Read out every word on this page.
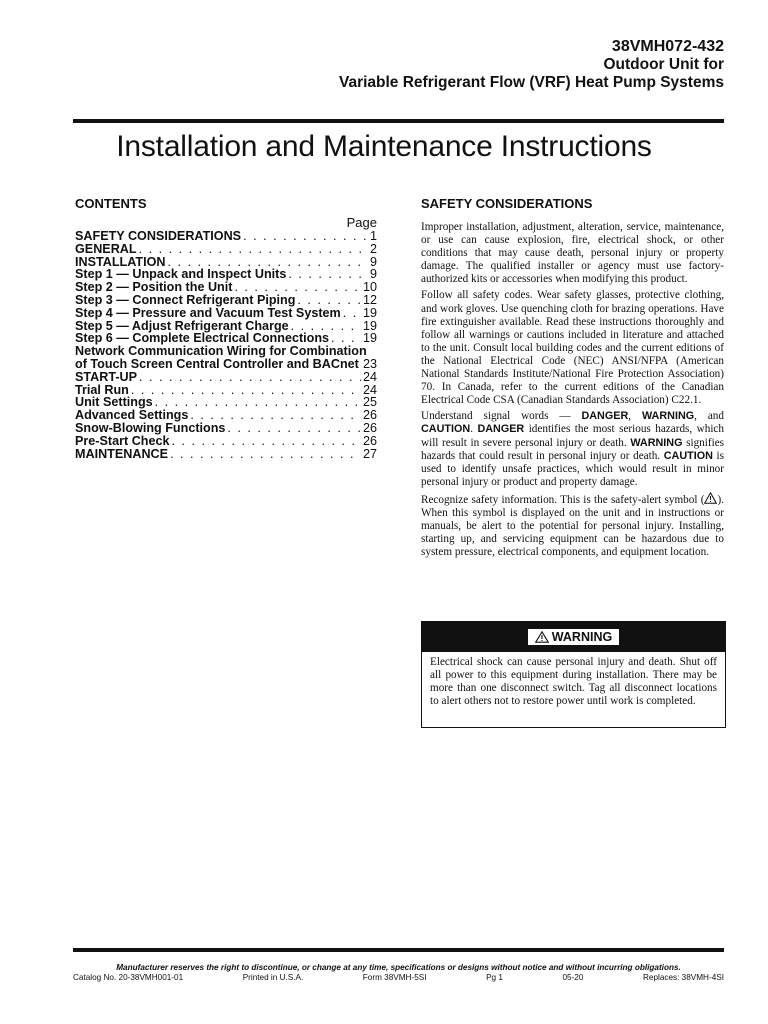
38VMH072-432
Outdoor Unit for
Variable Refrigerant Flow (VRF) Heat Pump Systems
Installation and Maintenance Instructions
CONTENTS
Page
SAFETY CONSIDERATIONS . . .	1
GENERAL . . .	2
INSTALLATION . . .	9
Step 1 — Unpack and Inspect Units . . .	9
Step 2 — Position the Unit . . .	10
Step 3 — Connect Refrigerant Piping . . .	12
Step 4 — Pressure and Vacuum Test System . . . 19
Step 5 — Adjust Refrigerant Charge . . .	19
Step 6 — Complete Electrical Connections . . .	19
Network Communication Wiring for Combination
of Touch Screen Central Controller and BACnet 23
START-UP . . .	24
Trial Run . . .	24
Unit Settings . . .	25
Advanced Settings . . .	26
Snow-Blowing Functions . . .	26
Pre-Start Check . . .	26
MAINTENANCE . . .	27
SAFETY CONSIDERATIONS

Improper installation, adjustment, alteration, service, maintenance, or use can cause explosion, fire, electrical shock, or other conditions that may cause death, personal injury or property damage. The qualified installer or agency must use factory-authorized kits or accessories when modifying this product.

Follow all safety codes. Wear safety glasses, protective clothing, and work gloves. Use quenching cloth for brazing operations. Have fire extinguisher available. Read these instructions thoroughly and follow all warnings or cautions included in literature and attached to the unit. Consult local building codes and the current editions of the National Electrical Code (NEC) ANSI/NFPA (American National Standards Institute/National Fire Protection Association) 70. In Canada, refer to the current editions of the Canadian Electrical Code CSA (Canadian Standards Association) C22.1.

Understand signal words — DANGER, WARNING, and CAUTION. DANGER identifies the most serious hazards, which will result in severe personal injury or death. WARNING signifies hazards that could result in personal injury or death. CAUTION is used to identify unsafe practices, which would result in minor personal injury or product and property damage.

Recognize safety information. This is the safety-alert symbol ( ). When this symbol is displayed on the unit and in instructions or manuals, be alert to the potential for personal injury. Installing, starting up, and servicing equipment can be hazardous due to system pressure, electrical components, and equipment location.

WARNING
Electrical shock can cause personal injury and death. Shut off all power to this equipment during installation. There may be more than one disconnect switch. Tag all disconnect locations to alert others not to restore power until work is completed.
Manufacturer reserves the right to discontinue, or change at any time, specifications or designs without notice and without incurring obligations.
Catalog No. 20-38VMH001-01	Printed in U.S.A.	Form 38VMH-5SI	Pg 1	05-20	Replaces: 38VMH-4SI
